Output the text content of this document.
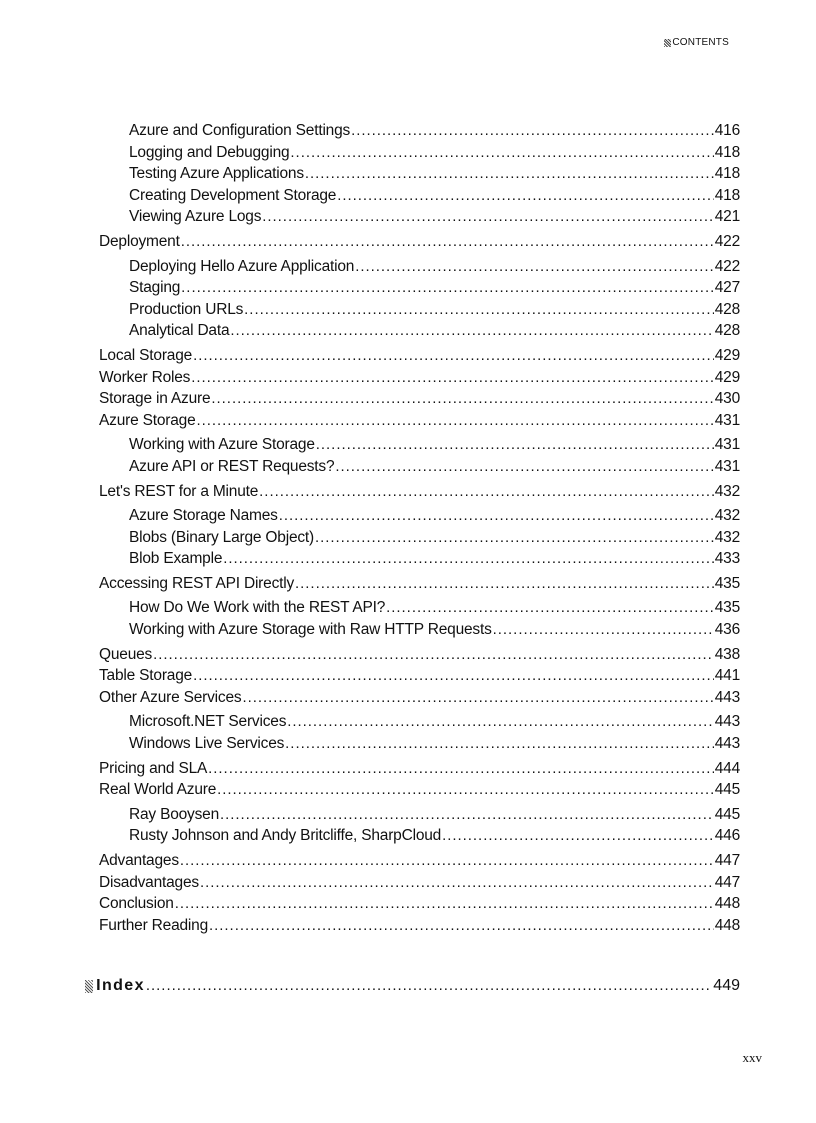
CONTENTS
Azure and Configuration Settings . . .	416
Logging and Debugging . . .	418
Testing Azure Applications . . .	418
Creating Development Storage . . .	418
Viewing Azure Logs . . .	421
Deployment . . .	422
Deploying Hello Azure Application . . .	422
Staging . . .	427
Production URLs . . .	428
Analytical Data . . .	428
Local Storage . . .	429
Worker Roles . . .	429
Storage in Azure . . .	430
Azure Storage . . .	431
Working with Azure Storage . . .	431
Azure API or REST Requests? . . .	431
Let's REST for a Minute . . .	432
Azure Storage Names . . .	432
Blobs (Binary Large Object) . . .	432
Blob Example . . .	433
Accessing REST API Directly . . .	435
How Do We Work with the REST API? . . .	435
Working with Azure Storage with Raw HTTP Requests . . .	436
Queues . . .	438
Table Storage . . .	441
Other Azure Services . . .	443
Microsoft.NET Services . . .	443
Windows Live Services . . .	443
Pricing and SLA . . .	444
Real World Azure . . .	445
Ray Booysen . . .	445
Rusty Johnson and Andy Britcliffe, SharpCloud . . .	446
Advantages . . .	447
Disadvantages . . .	447
Conclusion . . .	448
Further Reading . . .	448
Index . . .	449
xxv
